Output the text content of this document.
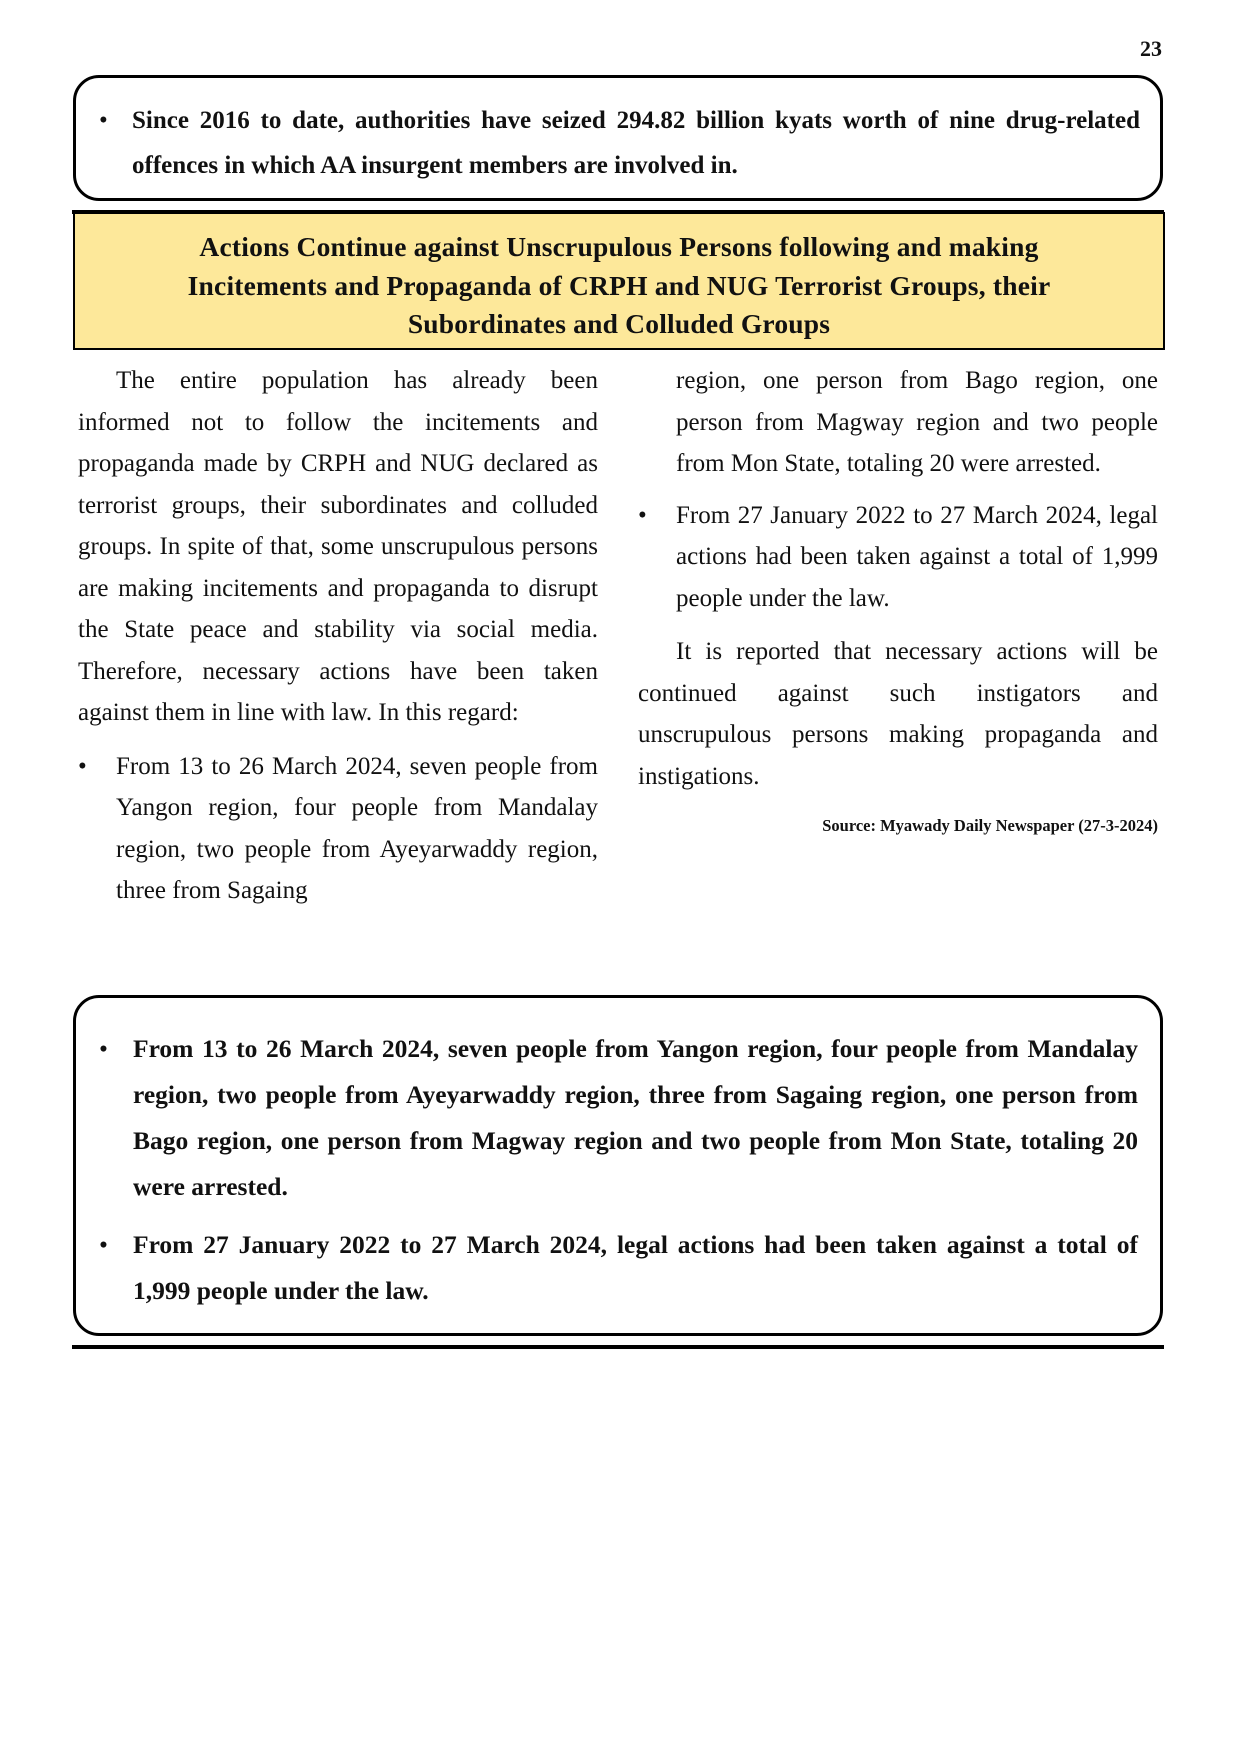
23
• Since 2016 to date, authorities have seized 294.82 billion kyats worth of nine drug-related offences in which AA insurgent members are involved in.
Actions Continue against Unscrupulous Persons following and making
Incitements and Propaganda of CRPH and NUG Terrorist Groups, their
Subordinates and Colluded Groups

The entire population has already been informed not to follow the incitements and propaganda made by CRPH and NUG declared as terrorist groups, their subordinates and colluded groups. In spite of that, some unscrupulous persons are making incitements and propaganda to disrupt the State peace and stability via social media. Therefore, necessary actions have been taken against them in line with law. In this regard:

• From 13 to 26 March 2024, seven people from Yangon region, four people from Mandalay region, two people from Ayeyarwaddy region, three from Sagaing

region, one person from Bago region, one person from Magway region and two people from Mon State, totaling 20 were arrested.

• From 27 January 2022 to 27 March 2024, legal actions had been taken against a total of 1,999 people under the law.

It is reported that necessary actions will be continued against such instigators and unscrupulous persons making propaganda and instigations.

Source: Myawady Daily Newspaper (27-3-2024)
• From 13 to 26 March 2024, seven people from Yangon region, four people from Mandalay region, two people from Ayeyarwaddy region, three from Sagaing region, one person from Bago region, one person from Magway region and two people from Mon State, totaling 20 were arrested.
• From 27 January 2022 to 27 March 2024, legal actions had been taken against a total of 1,999 people under the law.
